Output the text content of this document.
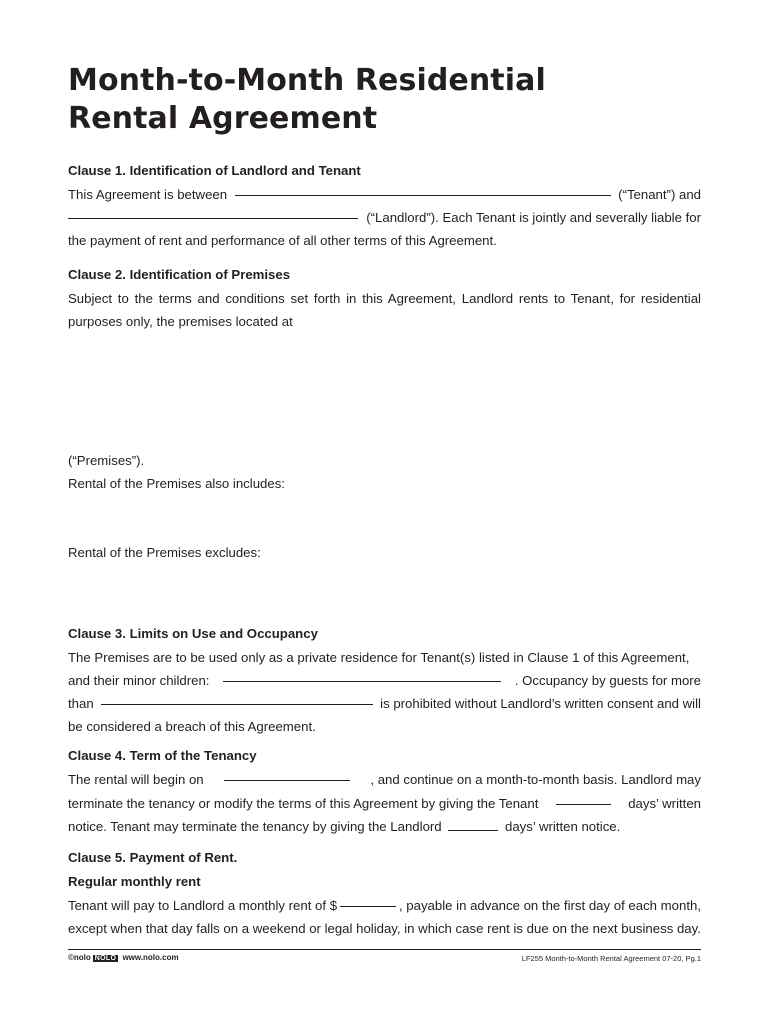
Month-to-Month Residential
Rental Agreement
Clause 1. Identification of Landlord and Tenant
This Agreement is between	(“Tenant”) and
(“Landlord”). Each Tenant is jointly and severally liable for
the payment of rent and performance of all other terms of this Agreement.
Clause 2. Identification of Premises
Subject to the terms and conditions set forth in this Agreement, Landlord rents to Tenant, for residential purposes only, the premises located at
(“Premises”).
Rental of the Premises also includes:
Rental of the Premises excludes:
Clause 3. Limits on Use and Occupancy
The Premises are to be used only as a private residence for Tenant(s) listed in Clause 1 of this Agreement,
and their minor children:	. Occupancy by guests for more
than	is prohibited without Landlord’s written consent and will
be considered a breach of this Agreement.
Clause 4. Term of the Tenancy
The rental will begin on	, and continue on a month-to-month basis. Landlord may
terminate the tenancy or modify the terms of this Agreement by giving the Tenant	days’ written
notice. Tenant may terminate the tenancy by giving the Landlord	days’ written notice.
Clause 5. Payment of Rent.
Regular monthly rent
Tenant will pay to Landlord a monthly rent of $	, payable in advance on the first day of each month,
except when that day falls on a weekend or legal holiday, in which case rent is due on the next business day.
©nolo NOLO www.nolo.com	LF255 Month-to-Month Rental Agreement 07-20, Pg.1
